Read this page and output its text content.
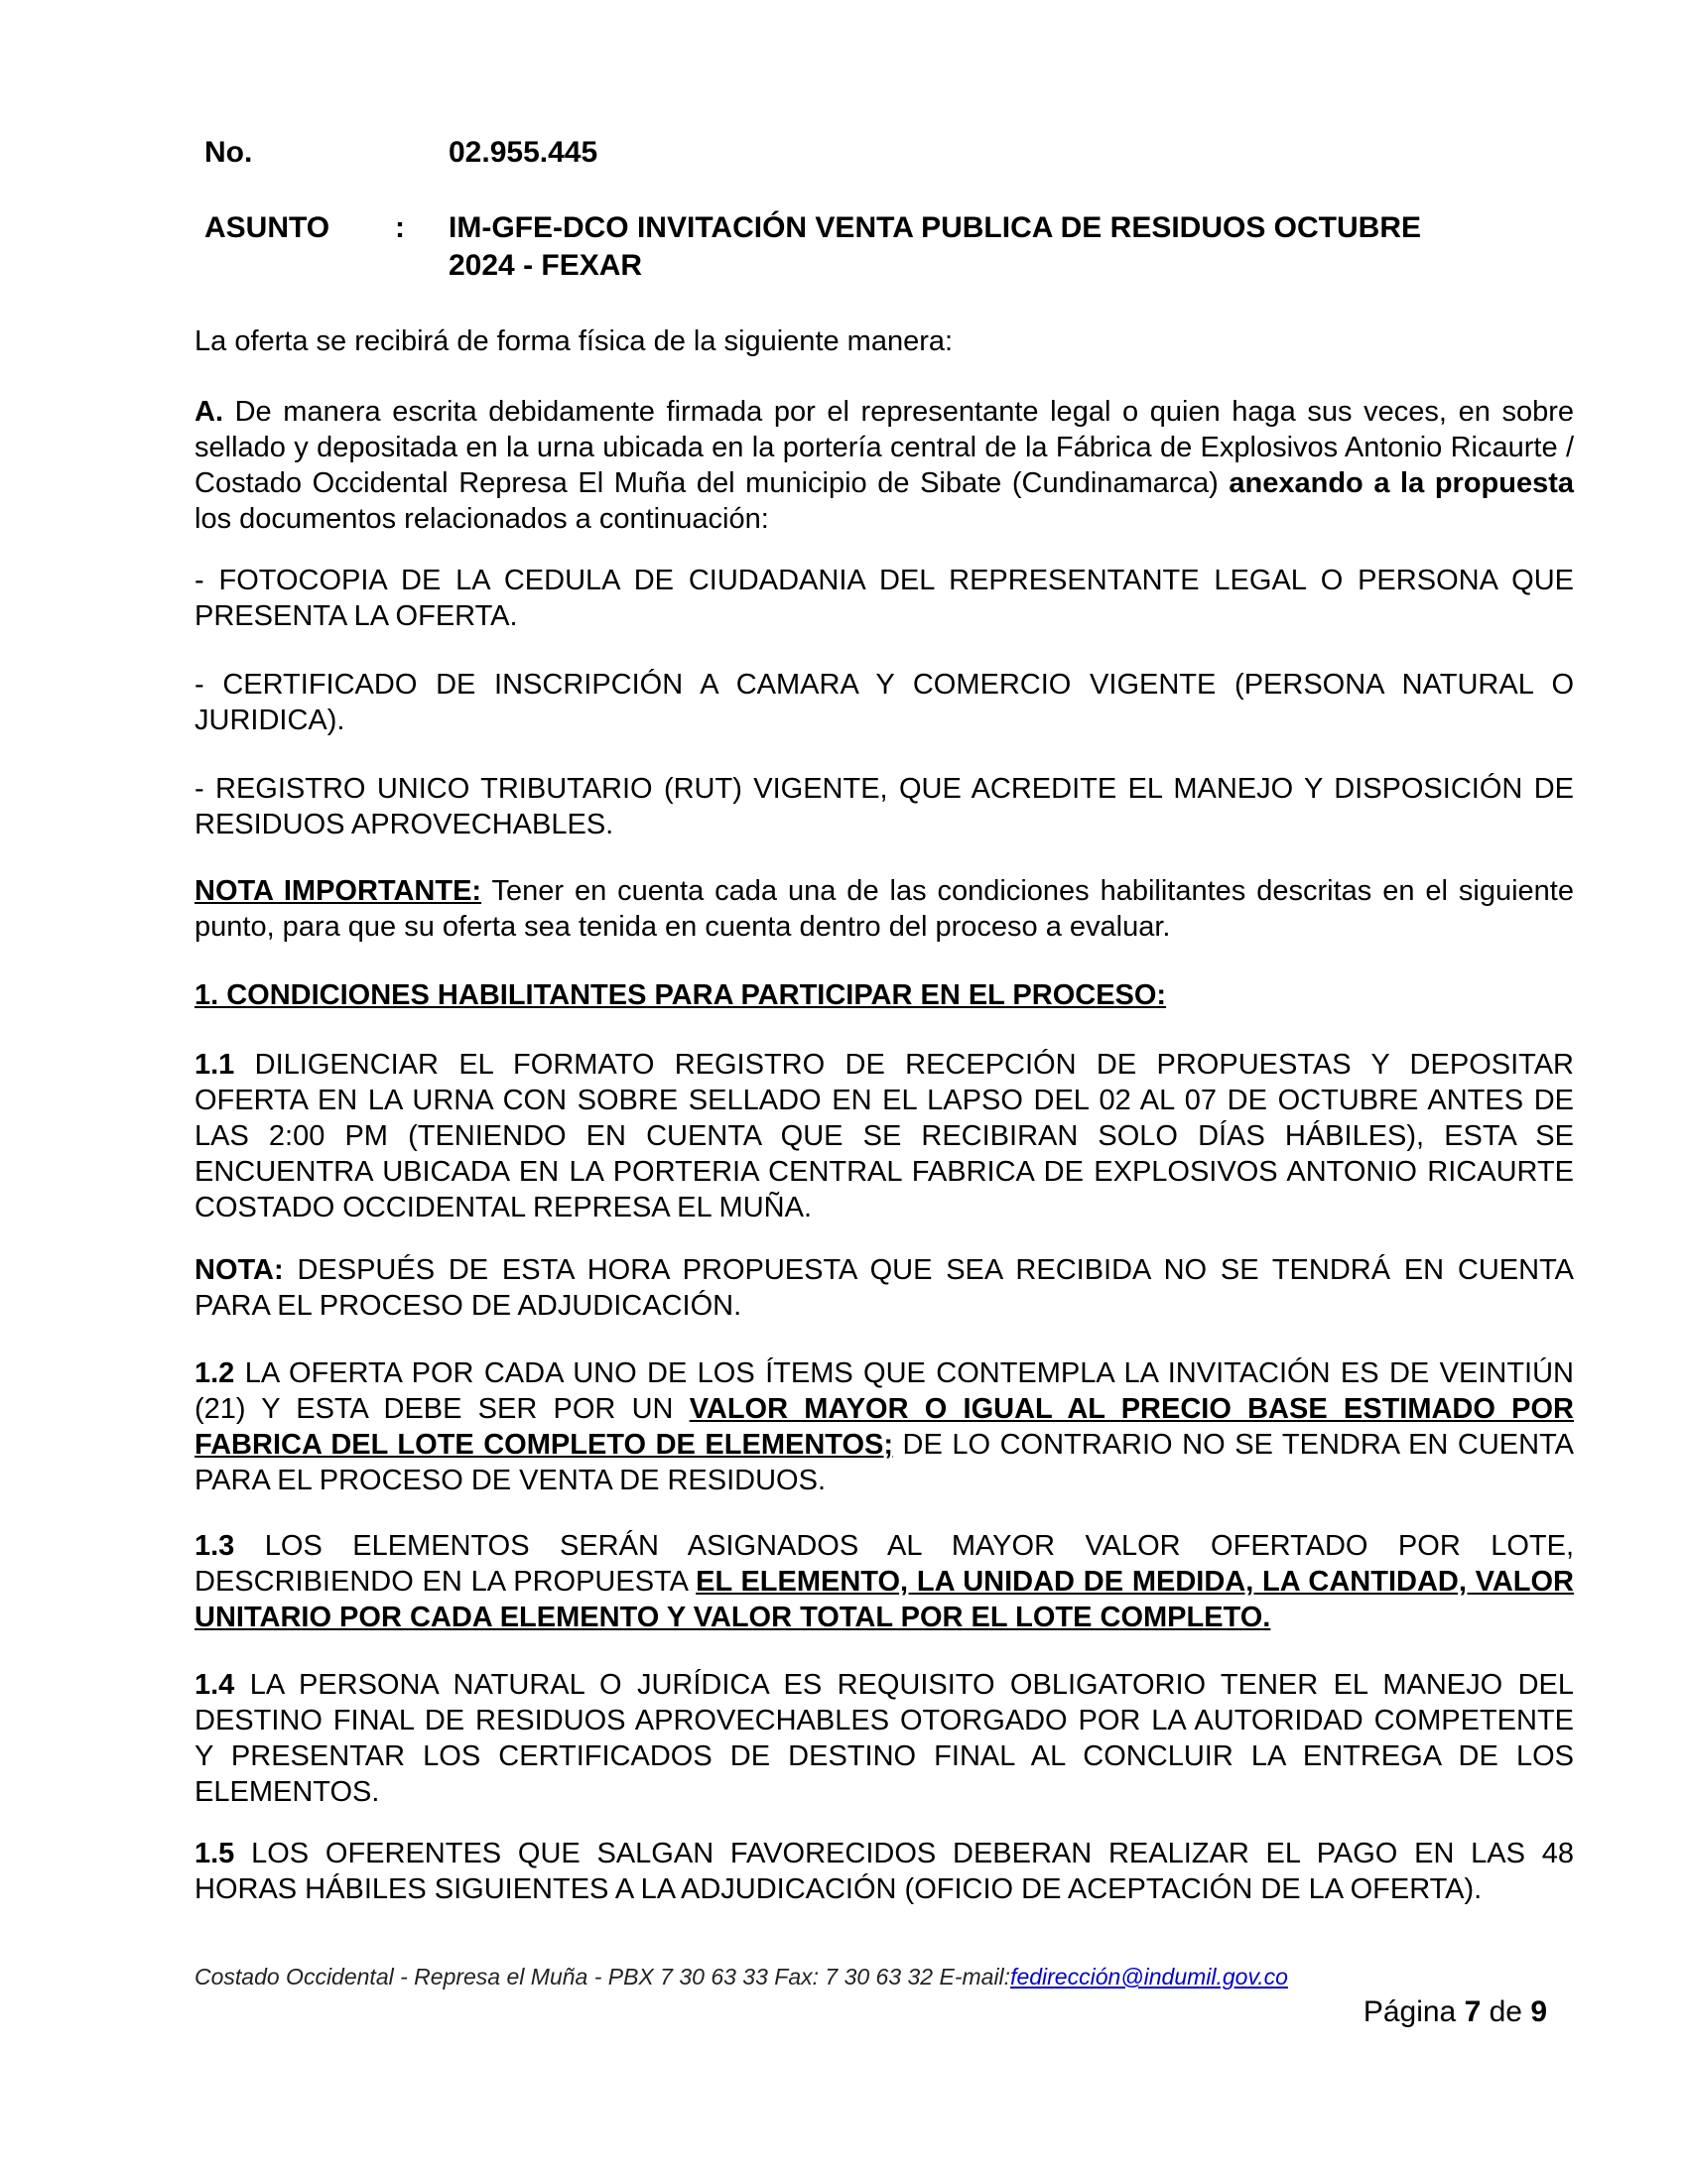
No.	02.955.445
ASUNTO : IM-GFE-DCO INVITACIÓN VENTA PUBLICA DE RESIDUOS OCTUBRE
2024 - FEXAR
La oferta se recibirá de forma física de la siguiente manera:
A. De manera escrita debidamente firmada por el representante legal o quien haga sus veces, en sobre sellado y depositada en la urna ubicada en la portería central de la Fábrica de Explosivos Antonio Ricaurte / Costado Occidental Represa El Muña del municipio de Sibate (Cundinamarca) anexando a la propuesta los documentos relacionados a continuación:
- FOTOCOPIA DE LA CEDULA DE CIUDADANIA DEL REPRESENTANTE LEGAL O PERSONA QUE PRESENTA LA OFERTA.
- CERTIFICADO DE INSCRIPCIÓN A CAMARA Y COMERCIO VIGENTE (PERSONA NATURAL O JURIDICA).
- REGISTRO UNICO TRIBUTARIO (RUT) VIGENTE, QUE ACREDITE EL MANEJO Y DISPOSICIÓN DE RESIDUOS APROVECHABLES.
NOTA IMPORTANTE: Tener en cuenta cada una de las condiciones habilitantes descritas en el siguiente punto, para que su oferta sea tenida en cuenta dentro del proceso a evaluar.
1. CONDICIONES HABILITANTES PARA PARTICIPAR EN EL PROCESO:
1.1 DILIGENCIAR EL FORMATO REGISTRO DE RECEPCIÓN DE PROPUESTAS Y DEPOSITAR OFERTA EN LA URNA CON SOBRE SELLADO EN EL LAPSO DEL 02 AL 07 DE OCTUBRE ANTES DE LAS 2:00 PM (TENIENDO EN CUENTA QUE SE RECIBIRAN SOLO DÍAS HÁBILES), ESTA SE ENCUENTRA UBICADA EN LA PORTERIA CENTRAL FABRICA DE EXPLOSIVOS ANTONIO RICAURTE COSTADO OCCIDENTAL REPRESA EL MUÑA.
NOTA: DESPUÉS DE ESTA HORA PROPUESTA QUE SEA RECIBIDA NO SE TENDRÁ EN CUENTA PARA EL PROCESO DE ADJUDICACIÓN.
1.2 LA OFERTA POR CADA UNO DE LOS ÍTEMS QUE CONTEMPLA LA INVITACIÓN ES DE VEINTIÚN (21) Y ESTA DEBE SER POR UN VALOR MAYOR O IGUAL AL PRECIO BASE ESTIMADO POR FABRICA DEL LOTE COMPLETO DE ELEMENTOS; DE LO CONTRARIO NO SE TENDRA EN CUENTA PARA EL PROCESO DE VENTA DE RESIDUOS.
1.3 LOS ELEMENTOS SERÁN ASIGNADOS AL MAYOR VALOR OFERTADO POR LOTE, DESCRIBIENDO EN LA PROPUESTA EL ELEMENTO, LA UNIDAD DE MEDIDA, LA CANTIDAD, VALOR UNITARIO POR CADA ELEMENTO Y VALOR TOTAL POR EL LOTE COMPLETO.
1.4 LA PERSONA NATURAL O JURÍDICA ES REQUISITO OBLIGATORIO TENER EL MANEJO DEL DESTINO FINAL DE RESIDUOS APROVECHABLES OTORGADO POR LA AUTORIDAD COMPETENTE Y PRESENTAR LOS CERTIFICADOS DE DESTINO FINAL AL CONCLUIR LA ENTREGA DE LOS ELEMENTOS.
1.5 LOS OFERENTES QUE SALGAN FAVORECIDOS DEBERAN REALIZAR EL PAGO EN LAS 48 HORAS HÁBILES SIGUIENTES A LA ADJUDICACIÓN (OFICIO DE ACEPTACIÓN DE LA OFERTA).
Costado Occidental - Represa el Muña - PBX 7 30 63 33 Fax: 7 30 63 32 E-mail:fedirección@indumil.gov.co
Página 7 de 9
